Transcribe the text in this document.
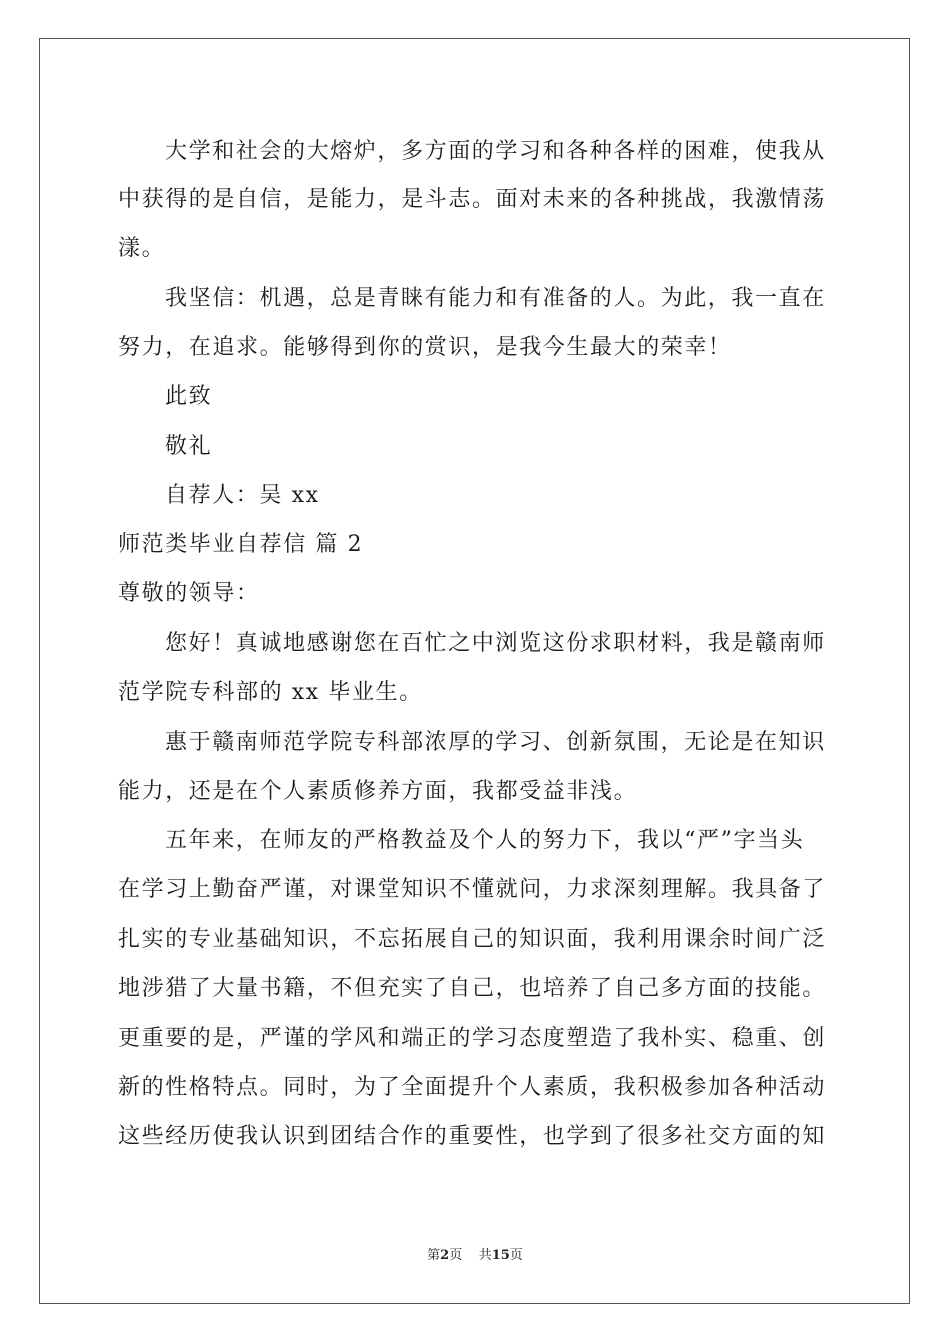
大学和社会的大熔炉，多方面的学习和各种各样的困难，使我从
中获得的是自信，是能力，是斗志。面对未来的各种挑战，我激情荡
漾。
我坚信：机遇，总是青睐有能力和有准备的人。为此，我一直在
努力，在追求。能够得到你的赏识，是我今生最大的荣幸！
此致
敬礼
自荐人：吴 xx
师范类毕业自荐信 篇 2
尊敬的领导：
您好！真诚地感谢您在百忙之中浏览这份求职材料，我是赣南师
范学院专科部的 xx 毕业生。
惠于赣南师范学院专科部浓厚的学习、创新氛围，无论是在知识
能力，还是在个人素质修养方面，我都受益非浅。
五年来，在师友的严格教益及个人的努力下，我以“严”字当头
在学习上勤奋严谨，对课堂知识不懂就问，力求深刻理解。我具备了
扎实的专业基础知识，不忘拓展自己的知识面，我利用课余时间广泛
地涉猎了大量书籍，不但充实了自己，也培养了自己多方面的技能。
更重要的是，严谨的学风和端正的学习态度塑造了我朴实、稳重、创
新的性格特点。同时，为了全面提升个人素质，我积极参加各种活动
这些经历使我认识到团结合作的重要性，也学到了很多社交方面的知
第2页 共15页
